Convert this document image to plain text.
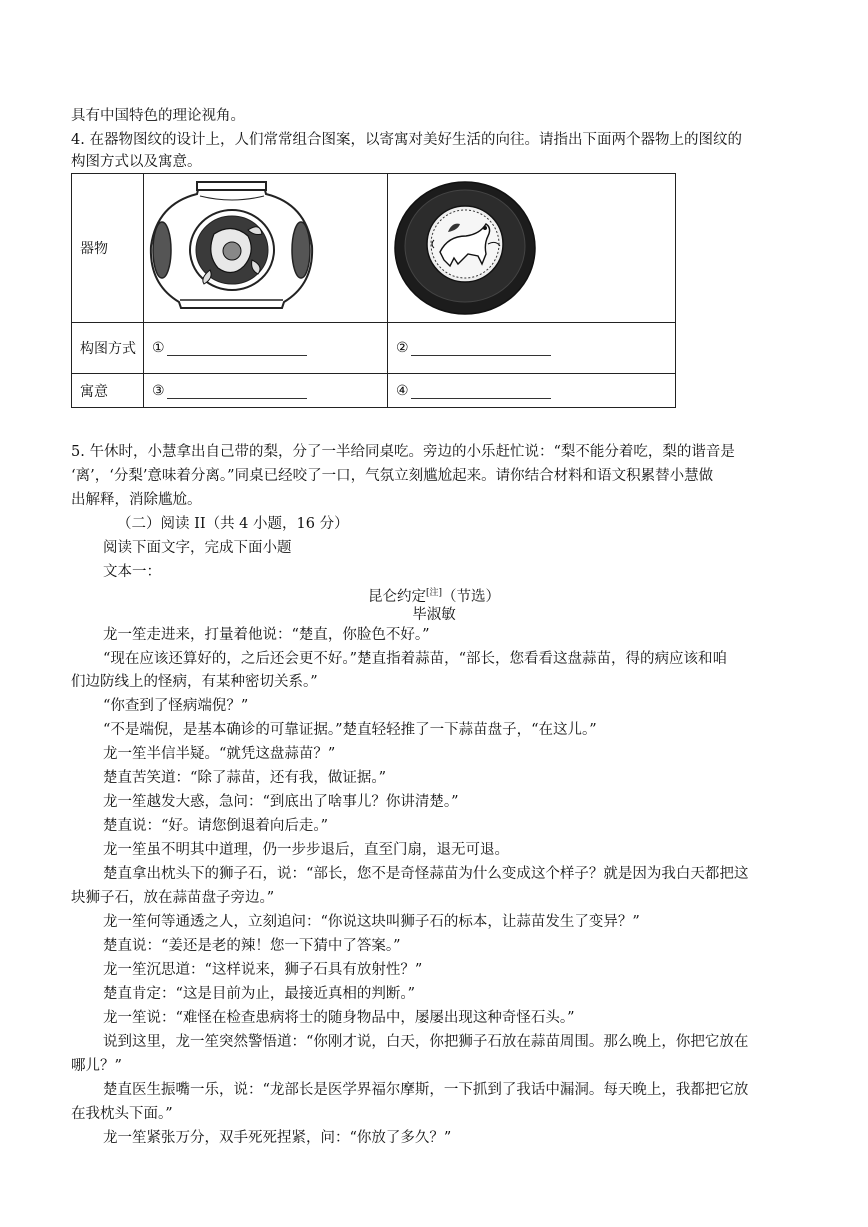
具有中国特色的理论视角。
4. 在器物图纹的设计上，人们常常组合图案，以寄寓对美好生活的向往。请指出下面两个器物上的图纹的
构图方式以及寓意。
器物	

构图方式	①	②
寓意	③	④
5. 午休时，小慧拿出自己带的梨，分了一半给同桌吃。旁边的小乐赶忙说：“梨不能分着吃，梨的谐音是
‘离’，‘分梨’意味着分离。”同桌已经咬了一口，气氛立刻尴尬起来。请你结合材料和语文积累替小慧做
出解释，消除尴尬。
（二）阅读 II（共 4 小题，16 分）
阅读下面文字，完成下面小题
文本一：
昆仑约定[注]（节选）
毕淑敏
龙一笙走进来，打量着他说：“楚直，你脸色不好。”
“现在应该还算好的，之后还会更不好。”楚直指着蒜苗，“部长，您看看这盘蒜苗，得的病应该和咱
们边防线上的怪病，有某种密切关系。”
“你查到了怪病端倪？”
“不是端倪，是基本确诊的可靠证据。”楚直轻轻推了一下蒜苗盘子，“在这儿。”
龙一笙半信半疑。“就凭这盘蒜苗？”
楚直苦笑道：“除了蒜苗，还有我，做证据。”
龙一笙越发大惑，急问：“到底出了啥事儿？你讲清楚。”
楚直说：“好。请您倒退着向后走。”
龙一笙虽不明其中道理，仍一步步退后，直至门扇，退无可退。
楚直拿出枕头下的狮子石，说：“部长，您不是奇怪蒜苗为什么变成这个样子？就是因为我白天都把这
块狮子石，放在蒜苗盘子旁边。”
龙一笙何等通透之人，立刻追问：“你说这块叫狮子石的标本，让蒜苗发生了变异？”
楚直说：“姜还是老的辣！您一下猜中了答案。”
龙一笙沉思道：“这样说来，狮子石具有放射性？”
楚直肯定：“这是目前为止，最接近真相的判断。”
龙一笙说：“难怪在检查患病将士的随身物品中，屡屡出现这种奇怪石头。”
说到这里，龙一笙突然警悟道：“你刚才说，白天，你把狮子石放在蒜苗周围。那么晚上，你把它放在
哪儿？”
楚直医生振嘴一乐，说：“龙部长是医学界福尔摩斯，一下抓到了我话中漏洞。每天晚上，我都把它放
在我枕头下面。”
龙一笙紧张万分，双手死死捏紧，问：“你放了多久？”
